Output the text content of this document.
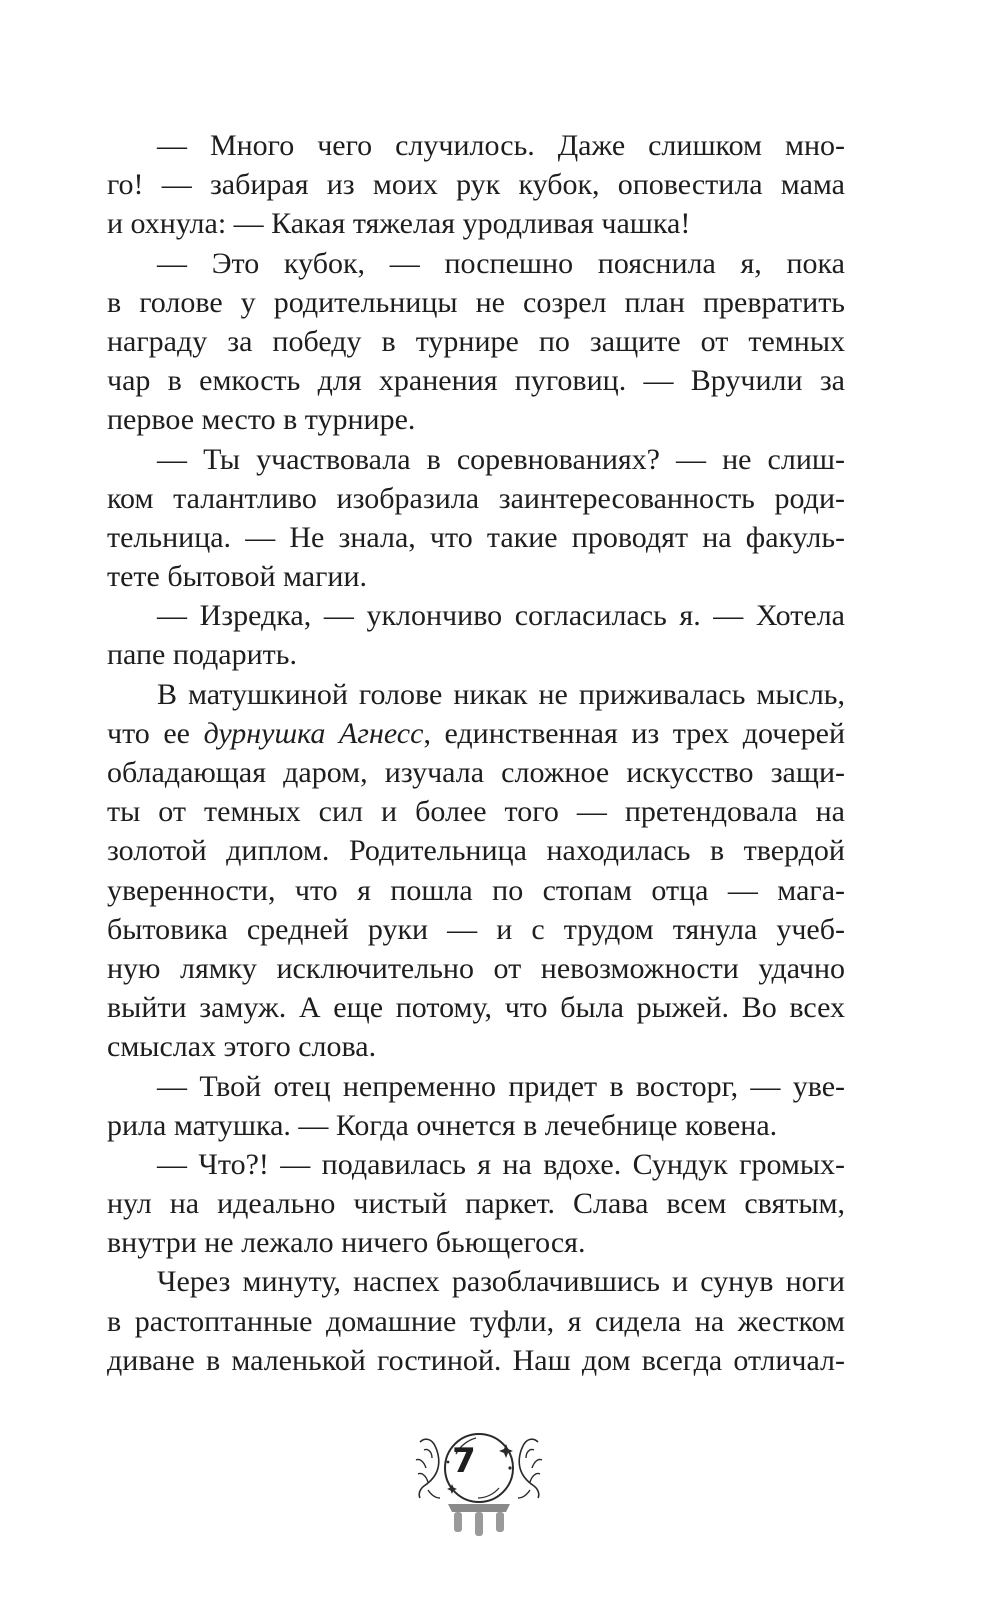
— Много чего случилось. Даже слишком мно-
го! — забирая из моих рук кубок, оповестила мама
и охнула: — Какая тяжелая уродливая чашка!
— Это кубок, — поспешно пояснила я, пока
в голове у родительницы не созрел план превратить
награду за победу в турнире по защите от темных
чар в емкость для хранения пуговиц. — Вручили за
первое место в турнире.
— Ты участвовала в соревнованиях? — не слиш-
ком талантливо изобразила заинтересованность роди-
тельница. — Не знала, что такие проводят на факуль-
тете бытовой магии.
— Изредка, — уклончиво согласилась я. — Хотела
папе подарить.
В матушкиной голове никак не приживалась мысль,
что ее дурнушка Агнесс, единственная из трех дочерей
обладающая даром, изучала сложное искусство защи-
ты от темных сил и более того — претендовала на
золотой диплом. Родительница находилась в твердой
уверенности, что я пошла по стопам отца — мага-
бытовика средней руки — и с трудом тянула учеб-
ную лямку исключительно от невозможности удачно
выйти замуж. А еще потому, что была рыжей. Во всех
смыслах этого слова.
— Твой отец непременно придет в восторг, — уве-
рила матушка. — Когда очнется в лечебнице ковена.
— Что?! — подавилась я на вдохе. Сундук громых-
нул на идеально чистый паркет. Слава всем святым,
внутри не лежало ничего бьющегося.
Через минуту, наспех разоблачившись и сунув ноги
в растоптанные домашние туфли, я сидела на жестком
диване в маленькой гостиной. Наш дом всегда отличал-
7
